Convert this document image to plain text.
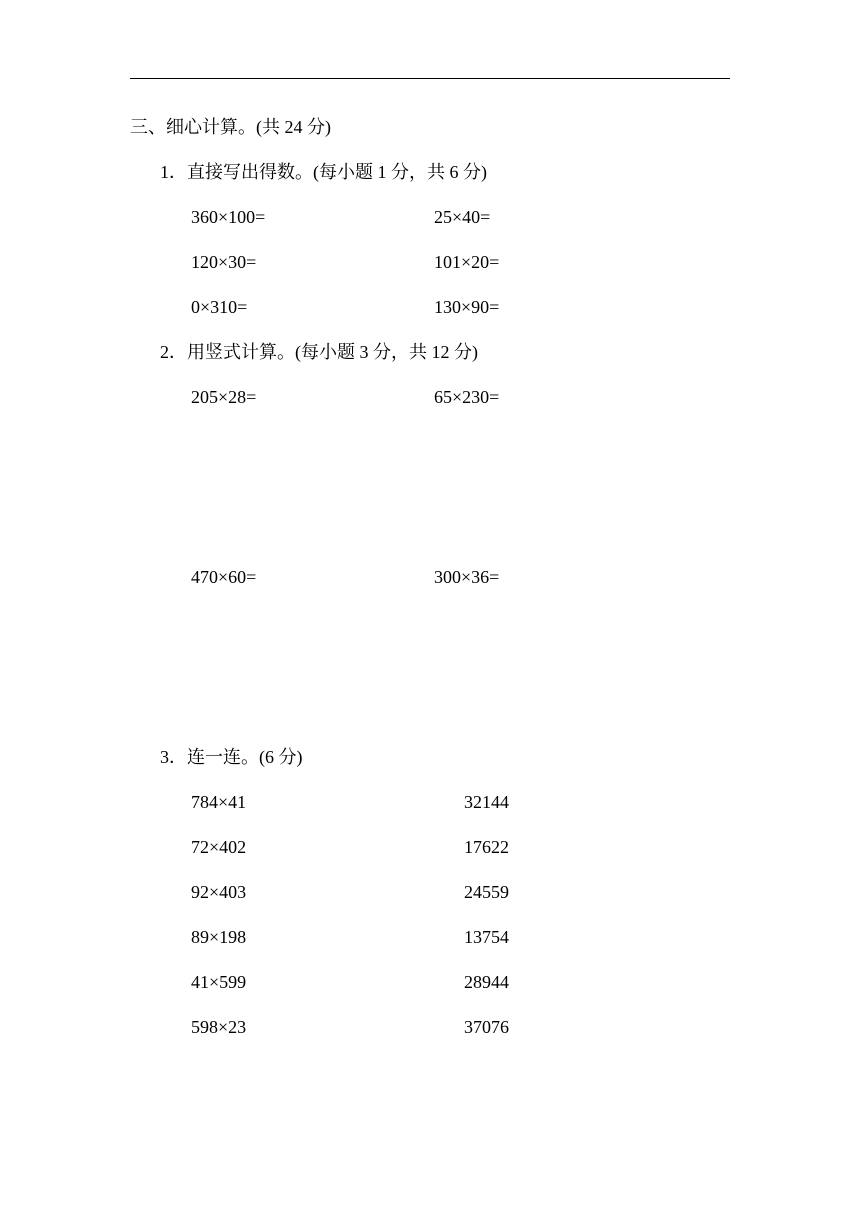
三、细心计算。(共 24 分)
1．直接写出得数。(每小题 1 分，共 6 分)
360×100=	25×40=
120×30=	101×20=
0×310=	130×90=
2．用竖式计算。(每小题 3 分，共 12 分)
205×28=	65×230=
470×60=	300×36=
3．连一连。(6 分)
784×41	32144
72×402	17622
92×403	24559
89×198	13754
41×599	28944
598×23	37076
